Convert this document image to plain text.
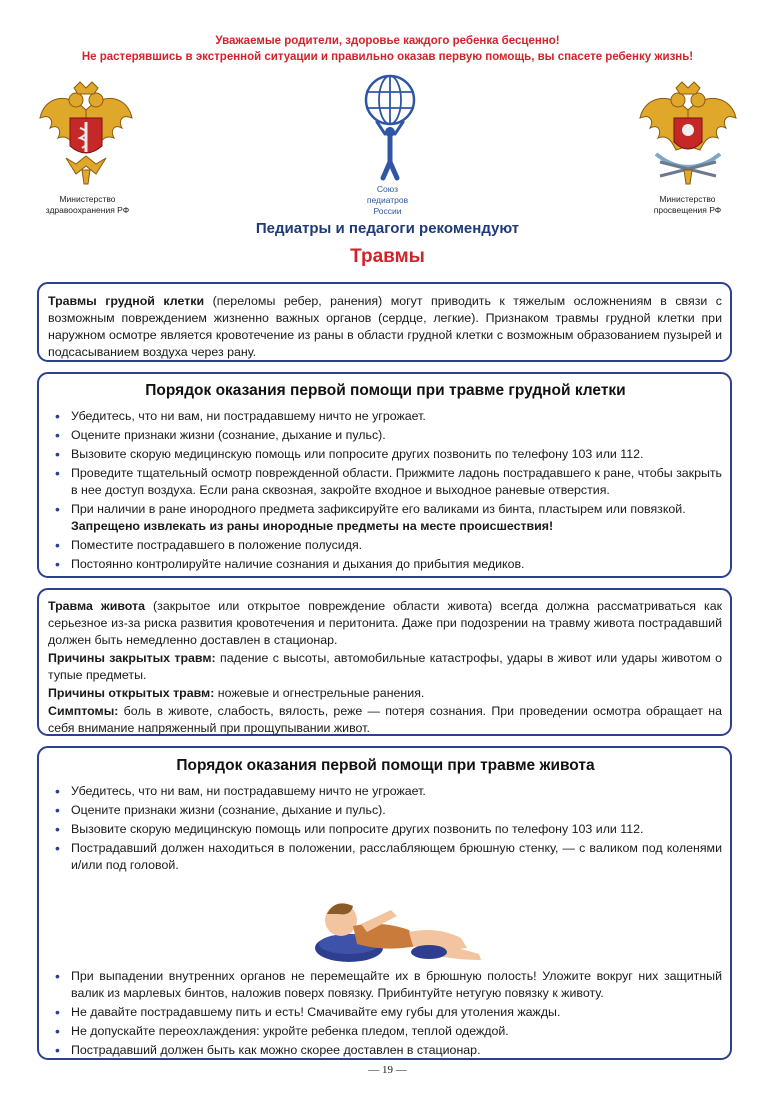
Уважаемые родители, здоровье каждого ребенка бесценно!
Не растерявшись в экстренной ситуации и правильно оказав первую помощь, вы спасете ребенку жизнь!
Министерство
здравоохранения РФ
Союз
педиатров
России
Министерство
просвещения РФ
Педиатры и педагоги рекомендуют
Травмы

Травмы грудной клетки (переломы ребер, ранения) могут приводить к тяжелым осложнениям в связи с возможным повреждением жизненно важных органов (сердце, легкие). Признаком травмы грудной клетки при наружном осмотре является кровотечение из раны в области грудной клетки с возможным образованием пузырей и подсасыванием воздуха через рану.

Порядок оказания первой помощи при травме грудной клетки

• Убедитесь, что ни вам, ни пострадавшему ничто не угрожает.
• Оцените признаки жизни (сознание, дыхание и пульс).
• Вызовите скорую медицинскую помощь или попросите других позвонить по телефону 103 или 112.
• Проведите тщательный осмотр поврежденной области. Прижмите ладонь пострадавшего к ране, чтобы закрыть в нее доступ воздуха. Если рана сквозная, закройте входное и выходное раневые отверстия.
• При наличии в ране инородного предмета зафиксируйте его валиками из бинта, пластырем или повязкой.
Запрещено извлекать из раны инородные предметы на месте происшествия!
• Поместите пострадавшего в положение полусидя.
• Постоянно контролируйте наличие сознания и дыхания до прибытия медиков.

Травма живота (закрытое или открытое повреждение области живота) всегда должна рассматриваться как серьезное из-за риска развития кровотечения и перитонита. Даже при подозрении на травму живота пострадавший должен быть немедленно доставлен в стационар.

Причины закрытых травм: падение с высоты, автомобильные катастрофы, удары в живот или удары животом о тупые предметы.

Причины открытых травм: ножевые и огнестрельные ранения.

Симптомы: боль в животе, слабость, вялость, реже — потеря сознания. При проведении осмотра обращает на себя внимание напряженный при прощупывании живот.

Порядок оказания первой помощи при травме живота

• Убедитесь, что ни вам, ни пострадавшему ничто не угрожает.
• Оцените признаки жизни (сознание, дыхание и пульс).
• Вызовите скорую медицинскую помощь или попросите других позвонить по телефону 103 или 112.
• Пострадавший должен находиться в положении, расслабляющем брюшную стенку, — с валиком под коленями и/или под головой.
• При выпадении внутренних органов не перемещайте их в брюшную полость! Уложите вокруг них защитный валик из марлевых бинтов, наложив поверх повязку. Прибинтуйте нетугую повязку к животу.
• Не давайте пострадавшему пить и есть! Смачивайте ему губы для утоления жажды.
• Не допускайте переохлаждения: укройте ребенка пледом, теплой одеждой.
• Пострадавший должен быть как можно скорее доставлен в стационар.
— 19 —
